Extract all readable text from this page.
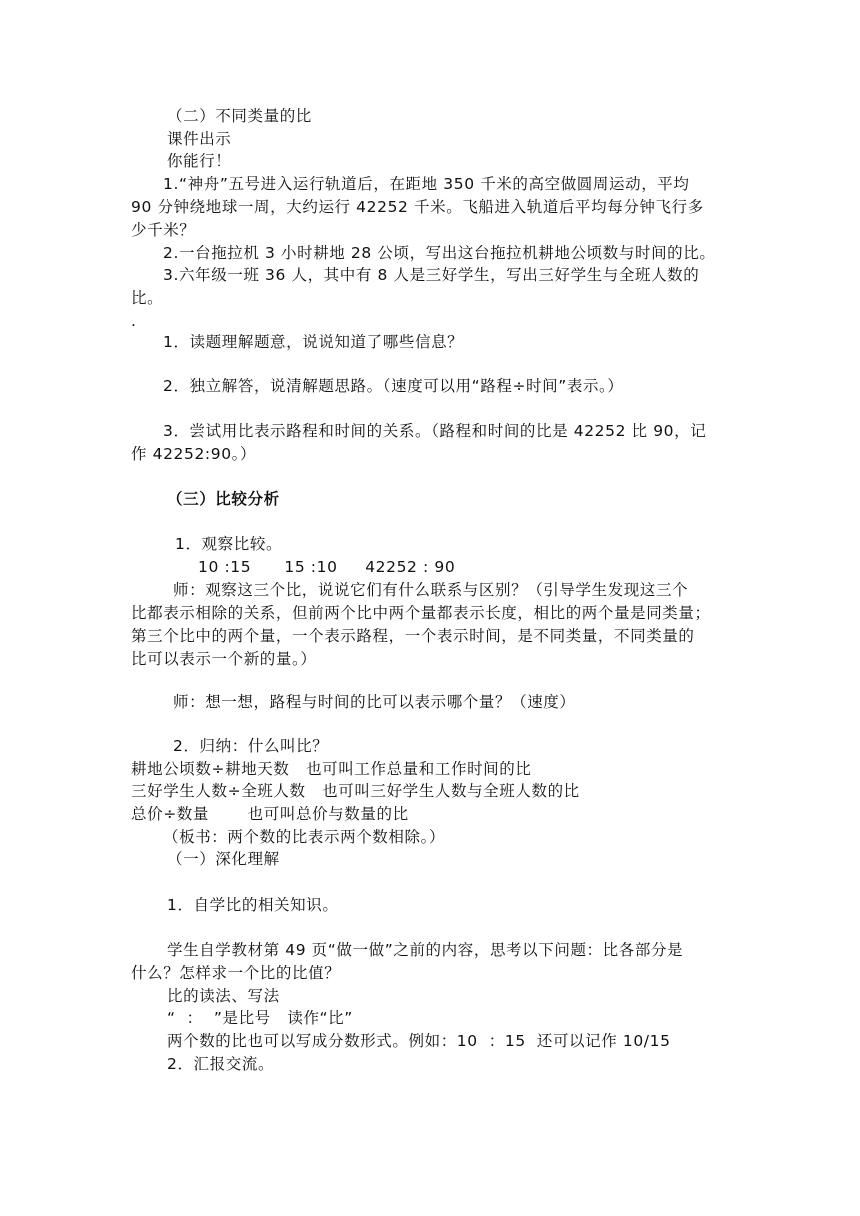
（二）不同类量的比
课件出示
你能行！
1.“神舟”五号进入运行轨道后，在距地 350 千米的高空做圆周运动，平均
90 分钟绕地球一周，大约运行 42252 千米。飞船进入轨道后平均每分钟飞行多
少千米？
2.一台拖拉机 3 小时耕地 28 公顷，写出这台拖拉机耕地公顷数与时间的比。
3.六年级一班 36 人，其中有 8 人是三好学生，写出三好学生与全班人数的
比。
.
1．读题理解题意，说说知道了哪些信息？
2．独立解答，说清解题思路。（速度可以用“路程÷时间”表示。）
3．尝试用比表示路程和时间的关系。（路程和时间的比是 42252 比 90，记
作 42252:90。）
（三）比较分析
1．观察比较。
10 :15      15 :10     42252 : 90
师：观察这三个比，说说它们有什么联系与区别？（引导学生发现这三个
比都表示相除的关系，但前两个比中两个量都表示长度，相比的两个量是同类量；
第三个比中的两个量，一个表示路程，一个表示时间，是不同类量，不同类量的
比可以表示一个新的量。）
师：想一想，路程与时间的比可以表示哪个量？（速度）
2．归纳：什么叫比？
耕地公顷数÷耕地天数   也可叫工作总量和工作时间的比
三好学生人数÷全班人数   也可叫三好学生人数与全班人数的比
总价÷数量       也可叫总价与数量的比
（板书：两个数的比表示两个数相除。）
（一）深化理解
1．自学比的相关知识。
学生自学教材第 49 页“做一做”之前的内容，思考以下问题：比各部分是
什么？怎样求一个比的比值？
比的读法、写法
“  ：  ”是比号   读作“比”
两个数的比也可以写成分数形式。例如：10  ：15  还可以记作 10/15
2．汇报交流。
